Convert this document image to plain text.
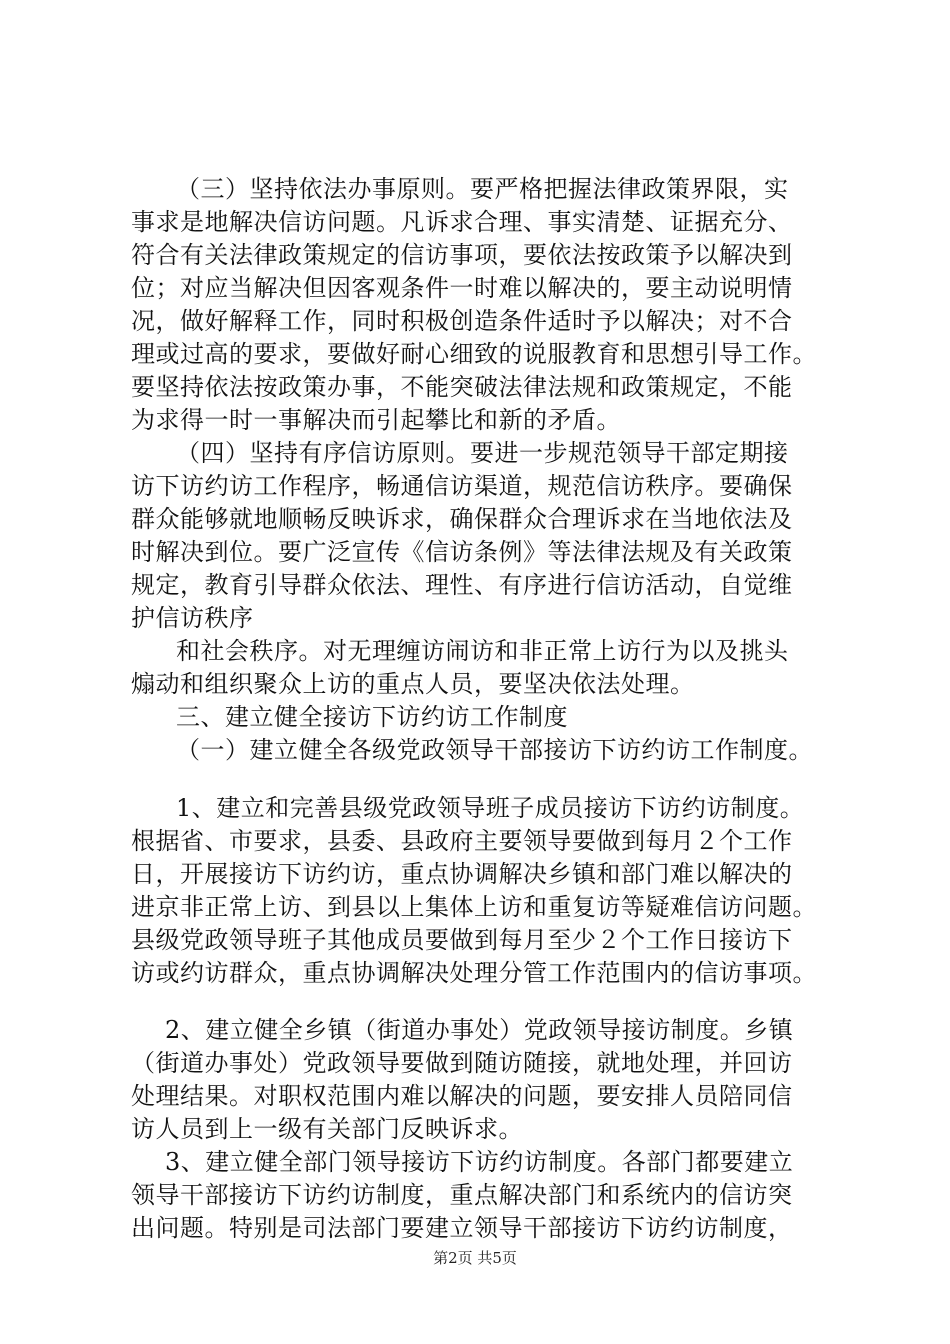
（三）坚持依法办事原则。要严格把握法律政策界限，实
事求是地解决信访问题。凡诉求合理、事实清楚、证据充分、
符合有关法律政策规定的信访事项，要依法按政策予以解决到
位；对应当解决但因客观条件一时难以解决的，要主动说明情
况，做好解释工作，同时积极创造条件适时予以解决；对不合
理或过高的要求，要做好耐心细致的说服教育和思想引导工作。
要坚持依法按政策办事，不能突破法律法规和政策规定，不能
为求得一时一事解决而引起攀比和新的矛盾。
（四）坚持有序信访原则。要进一步规范领导干部定期接
访下访约访工作程序，畅通信访渠道，规范信访秩序。要确保
群众能够就地顺畅反映诉求，确保群众合理诉求在当地依法及
时解决到位。要广泛宣传《信访条例》等法律法规及有关政策
规定，教育引导群众依法、理性、有序进行信访活动，自觉维
护信访秩序
和社会秩序。对无理缠访闹访和非正常上访行为以及挑头
煽动和组织聚众上访的重点人员，要坚决依法处理。
三、建立健全接访下访约访工作制度
（一）建立健全各级党政领导干部接访下访约访工作制度。
1、建立和完善县级党政领导班子成员接访下访约访制度。
根据省、市要求，县委、县政府主要领导要做到每月２个工作
日，开展接访下访约访，重点协调解决乡镇和部门难以解决的
进京非正常上访、到县以上集体上访和重复访等疑难信访问题。
县级党政领导班子其他成员要做到每月至少２个工作日接访下
访或约访群众，重点协调解决处理分管工作范围内的信访事项。
2、建立健全乡镇（街道办事处）党政领导接访制度。乡镇
（街道办事处）党政领导要做到随访随接，就地处理，并回访
处理结果。对职权范围内难以解决的问题，要安排人员陪同信
访人员到上一级有关部门反映诉求。
3、建立健全部门领导接访下访约访制度。各部门都要建立
领导干部接访下访约访制度，重点解决部门和系统内的信访突
出问题。特别是司法部门要建立领导干部接访下访约访制度，
第2页 共5页
